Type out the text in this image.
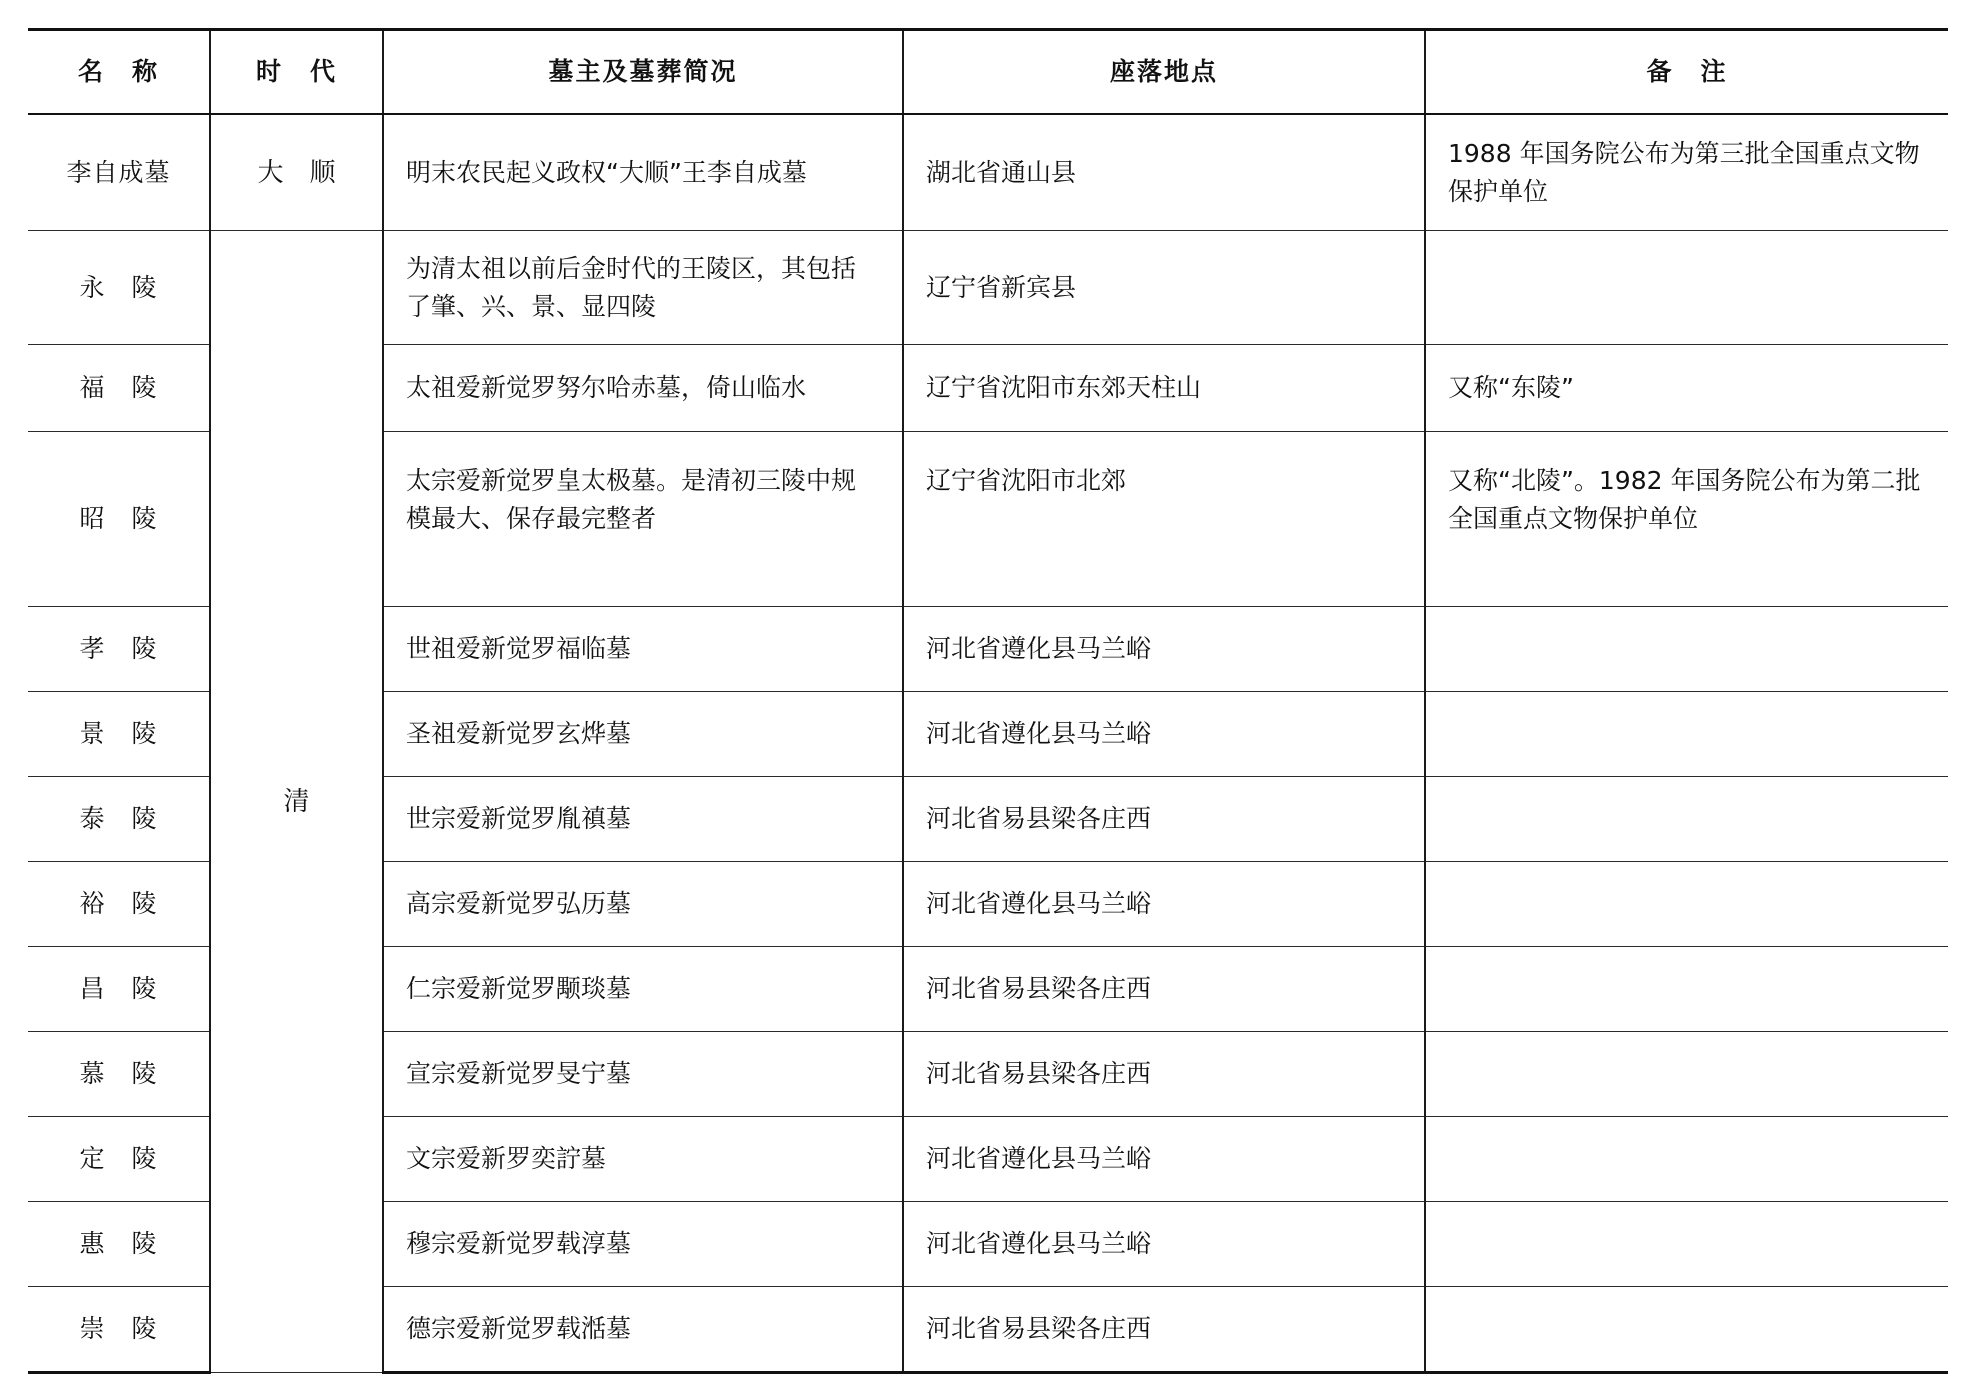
名　称	时　代	墓主及墓葬简况	座落地点	备　注
李自成墓	大　顺	明末农民起义政权“大顺”王李自成墓	湖北省通山县	1988 年国务院公布为第三批全国重点文物保护单位
永　陵	清	为清太祖以前后金时代的王陵区，其包括了肇、兴、景、显四陵	辽宁省新宾县	
福　陵		太祖爱新觉罗努尔哈赤墓，倚山临水	辽宁省沈阳市东郊天柱山	又称“东陵”
昭　陵		太宗爱新觉罗皇太极墓。是清初三陵中规模最大、保存最完整者	辽宁省沈阳市北郊	又称“北陵”。1982 年国务院公布为第二批全国重点文物保护单位
孝　陵		世祖爱新觉罗福临墓	河北省遵化县马兰峪	
景　陵		圣祖爱新觉罗玄烨墓	河北省遵化县马兰峪	
泰　陵		世宗爱新觉罗胤禛墓	河北省易县梁各庄西	
裕　陵		高宗爱新觉罗弘历墓	河北省遵化县马兰峪	
昌　陵		仁宗爱新觉罗颙琰墓	河北省易县梁各庄西	
慕　陵		宣宗爱新觉罗旻宁墓	河北省易县梁各庄西	
定　陵		文宗爱新罗奕詝墓	河北省遵化县马兰峪	
惠　陵		穆宗爱新觉罗载淳墓	河北省遵化县马兰峪	
崇　陵		德宗爱新觉罗载湉墓	河北省易县梁各庄西	
